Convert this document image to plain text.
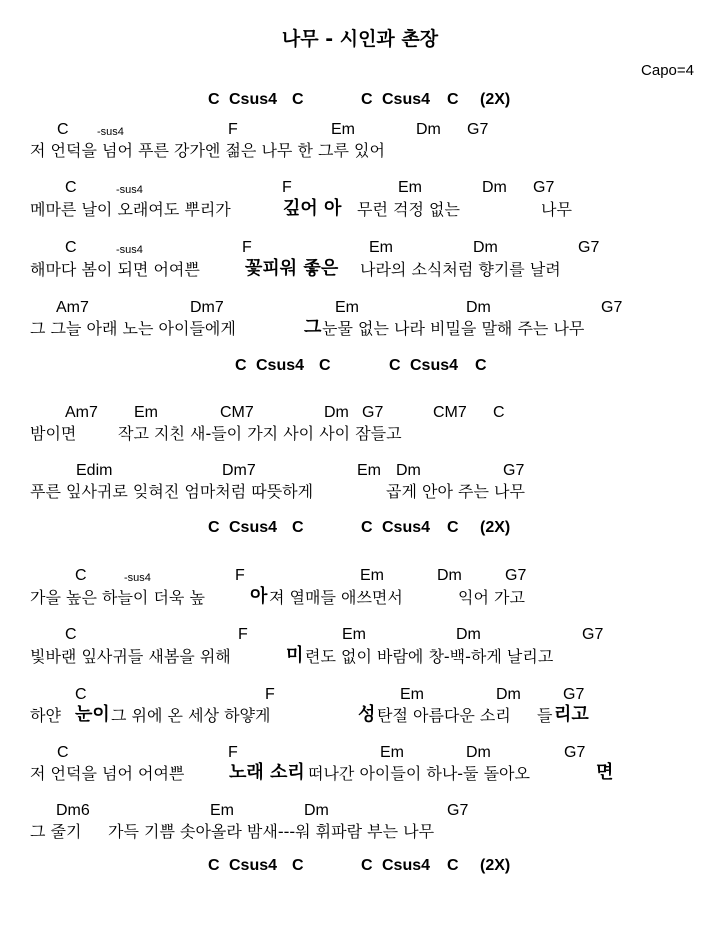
나무 - 시인과 촌장
Capo=4
C Csus4 C	C Csus4 C (2X)
C	-sus4	F	Em	Dm G7
저 언덕을 넘어 푸른 강가엔 젊은 나무 한 그루 있어
C	-sus4	F	Em	Dm G7
메마른 날이 오래여도 뿌리가	깊어 아 무런 걱정 없는	나무
C	-sus4	F	Em	Dm	G7
해마다 봄이 되면 어여쁜	꽃피워 좋은 나라의 소식처럼 향기를 날려
Am7	Dm7	Em	Dm	G7
그 그늘 아래 노는 아이들에게	그 눈물 없는 나라 비밀을 말해 주는 나무
C Csus4 C	C Csus4 C
Am7 Em	CM7	Dm G7	CM7 C
밤이면	작고 지친 새-들이 가지 사이 사이 잠들고
Edim	Dm7	Em Dm	G7
푸른 잎사귀로 잊혀진 엄마처럼 따뜻하게	곱게 안아 주는 나무
C Csus4 C	C Csus4 C (2X)
C	-sus4	F	Em	Dm	G7
가을 높은 하늘이 더욱 높	아 져 열매들 애쓰면서	익어 가고
C	F	Em	Dm	G7
빛바랜 잎사귀들 새봄을 위해	미 련도 없이 바람에 창-백-하게 날리고
C	F	Em	Dm	G7
하얀 눈이 그 위에 온 세상 하얗게	성 탄절 아름다운 소리 들 리고
C	F	Em	Dm	G7
저 언덕을 넘어 어여쁜 노래 소리 떠나간 아이들이 하나-둘 돌아오	면
Dm6	Em	Dm	G7
그 줄기 가득 기쁨 솟아올라 밤새---워 휘파람 부는 나무
C Csus4 C	C Csus4 C (2X)
